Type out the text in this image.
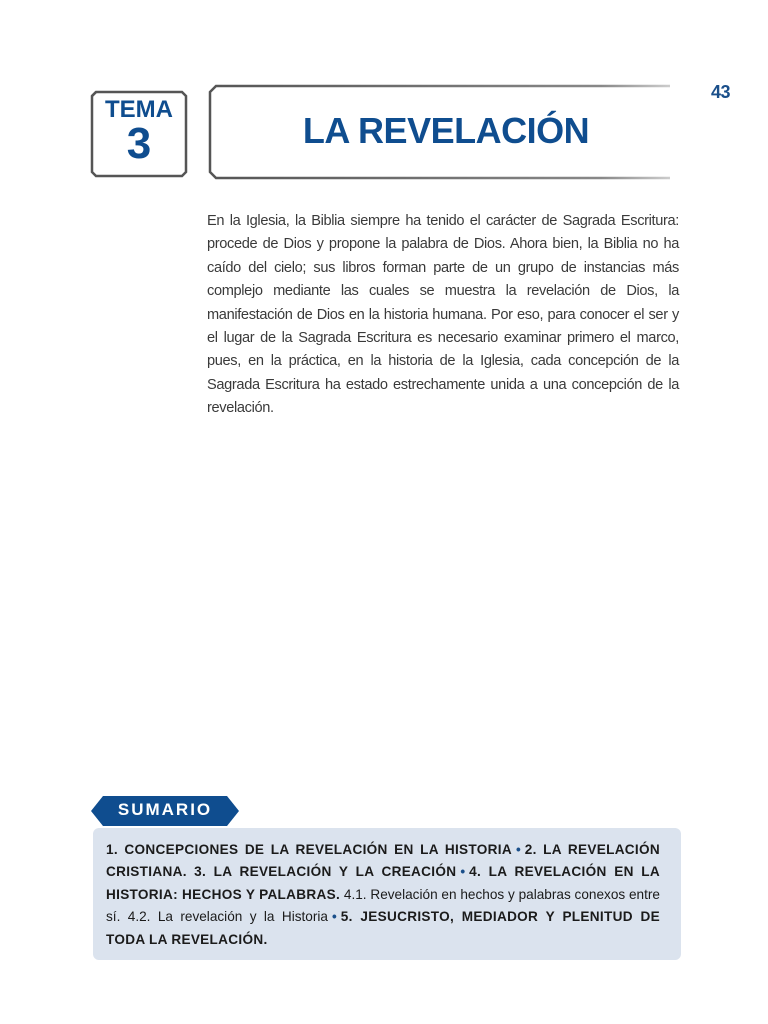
43
TEMA
3	LA REVELACIÓN

En la Iglesia, la Biblia siempre ha tenido el carácter de Sagrada Escritura: procede de Dios y propone la palabra de Dios. Ahora bien, la Biblia no ha caído del cielo; sus libros forman parte de un grupo de instancias más complejo mediante las cuales se muestra la revelación de Dios, la manifestación de Dios en la historia humana. Por eso, para conocer el ser y el lugar de la Sagrada Escritura es necesario examinar primero el marco, pues, en la práctica, en la historia de la Iglesia, cada concepción de la Sagrada Escritura ha estado estrechamente unida a una concepción de la revelación.

SUMARIO
1. CONCEPCIONES DE LA REVELACIÓN EN LA HISTORIA • 2. LA REVELACIÓN CRISTIANA. 3. LA REVELACIÓN Y LA CREACIÓN • 4. LA REVELACIÓN EN LA HISTORIA: HECHOS Y PALABRAS. 4.1. Revelación en hechos y palabras conexos entre sí. 4.2. La revelación y la Historia • 5. JESUCRISTO, MEDIADOR Y PLENITUD DE TODA LA REVELACIÓN.
